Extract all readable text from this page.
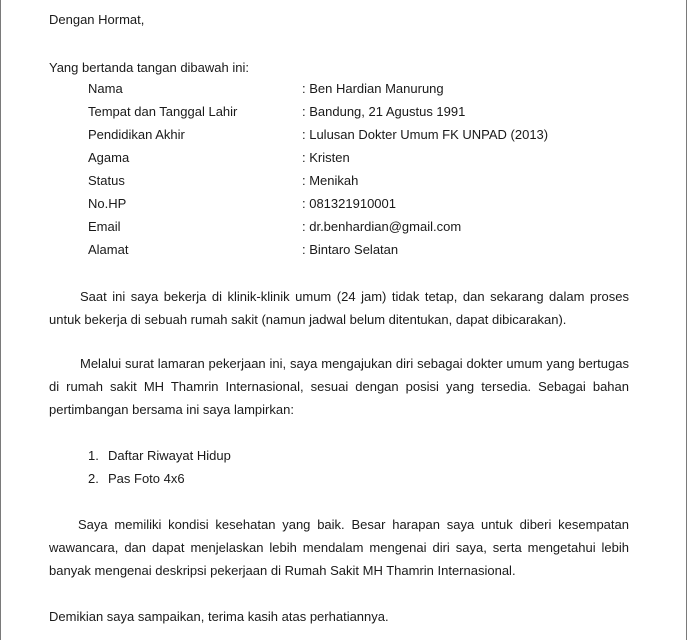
Dengan Hormat,
Yang bertanda tangan dibawah ini:
Nama	: Ben Hardian Manurung
Tempat dan Tanggal Lahir	: Bandung, 21 Agustus 1991
Pendidikan Akhir	: Lulusan Dokter Umum FK UNPAD (2013)
Agama	: Kristen
Status	: Menikah
No.HP	: 081321910001
Email	: dr.benhardian@gmail.com
Alamat	: Bintaro Selatan
Saat ini saya bekerja di klinik-klinik umum (24 jam) tidak tetap, dan sekarang dalam proses
untuk bekerja di sebuah rumah sakit (namun jadwal belum ditentukan, dapat dibicarakan).
Melalui surat lamaran pekerjaan ini, saya mengajukan diri sebagai dokter umum yang bertugas
di rumah sakit MH Thamrin Internasional, sesuai dengan posisi yang tersedia. Sebagai bahan
pertimbangan bersama ini saya lampirkan:
1. Daftar Riwayat Hidup
2. Pas Foto 4x6
Saya memiliki kondisi kesehatan yang baik. Besar harapan saya untuk diberi kesempatan
wawancara, dan dapat menjelaskan lebih mendalam mengenai diri saya, serta mengetahui lebih
banyak mengenai deskripsi pekerjaan di Rumah Sakit MH Thamrin Internasional.
Demikian saya sampaikan, terima kasih atas perhatiannya.
